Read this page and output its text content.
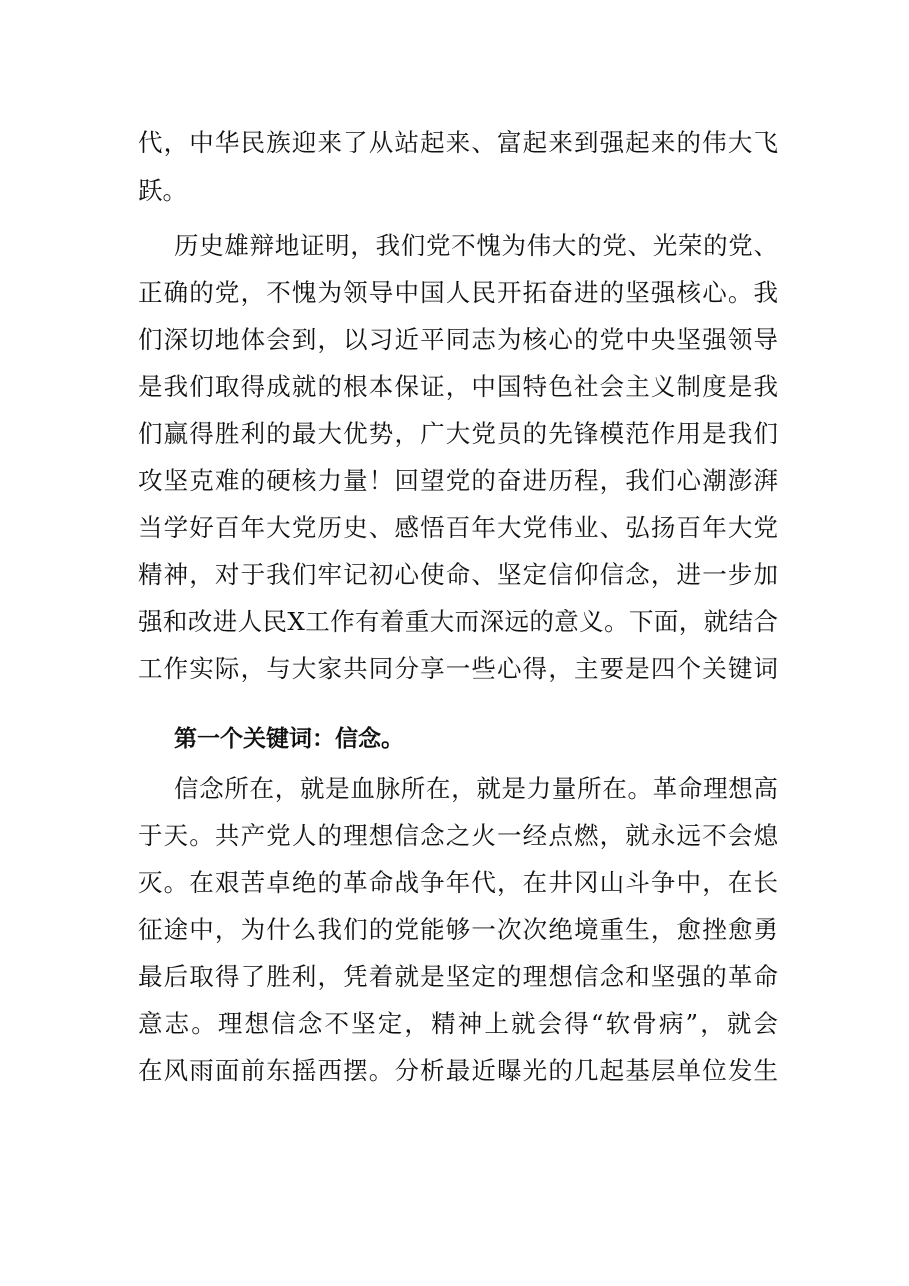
代，中华民族迎来了从站起来、富起来到强起来的伟大飞
跃。
历史雄辩地证明，我们党不愧为伟大的党、光荣的党、
正确的党，不愧为领导中国人民开拓奋进的坚强核心。我
们深切地体会到，以习近平同志为核心的党中央坚强领导
是我们取得成就的根本保证，中国特色社会主义制度是我
们赢得胜利的最大优势，广大党员的先锋模范作用是我们
攻坚克难的硬核力量！回望党的奋进历程，我们心潮澎湃
当学好百年大党历史、感悟百年大党伟业、弘扬百年大党
精神，对于我们牢记初心使命、坚定信仰信念，进一步加
强和改进人民X工作有着重大而深远的意义。下面，就结合
工作实际，与大家共同分享一些心得，主要是四个关键词
第一个关键词：信念。
信念所在，就是血脉所在，就是力量所在。革命理想高
于天。共产党人的理想信念之火一经点燃，就永远不会熄
灭。在艰苦卓绝的革命战争年代，在井冈山斗争中，在长
征途中，为什么我们的党能够一次次绝境重生，愈挫愈勇
最后取得了胜利，凭着就是坚定的理想信念和坚强的革命
意志。理想信念不坚定，精神上就会得“软骨病”，就会
在风雨面前东摇西摆。分析最近曝光的几起基层单位发生
